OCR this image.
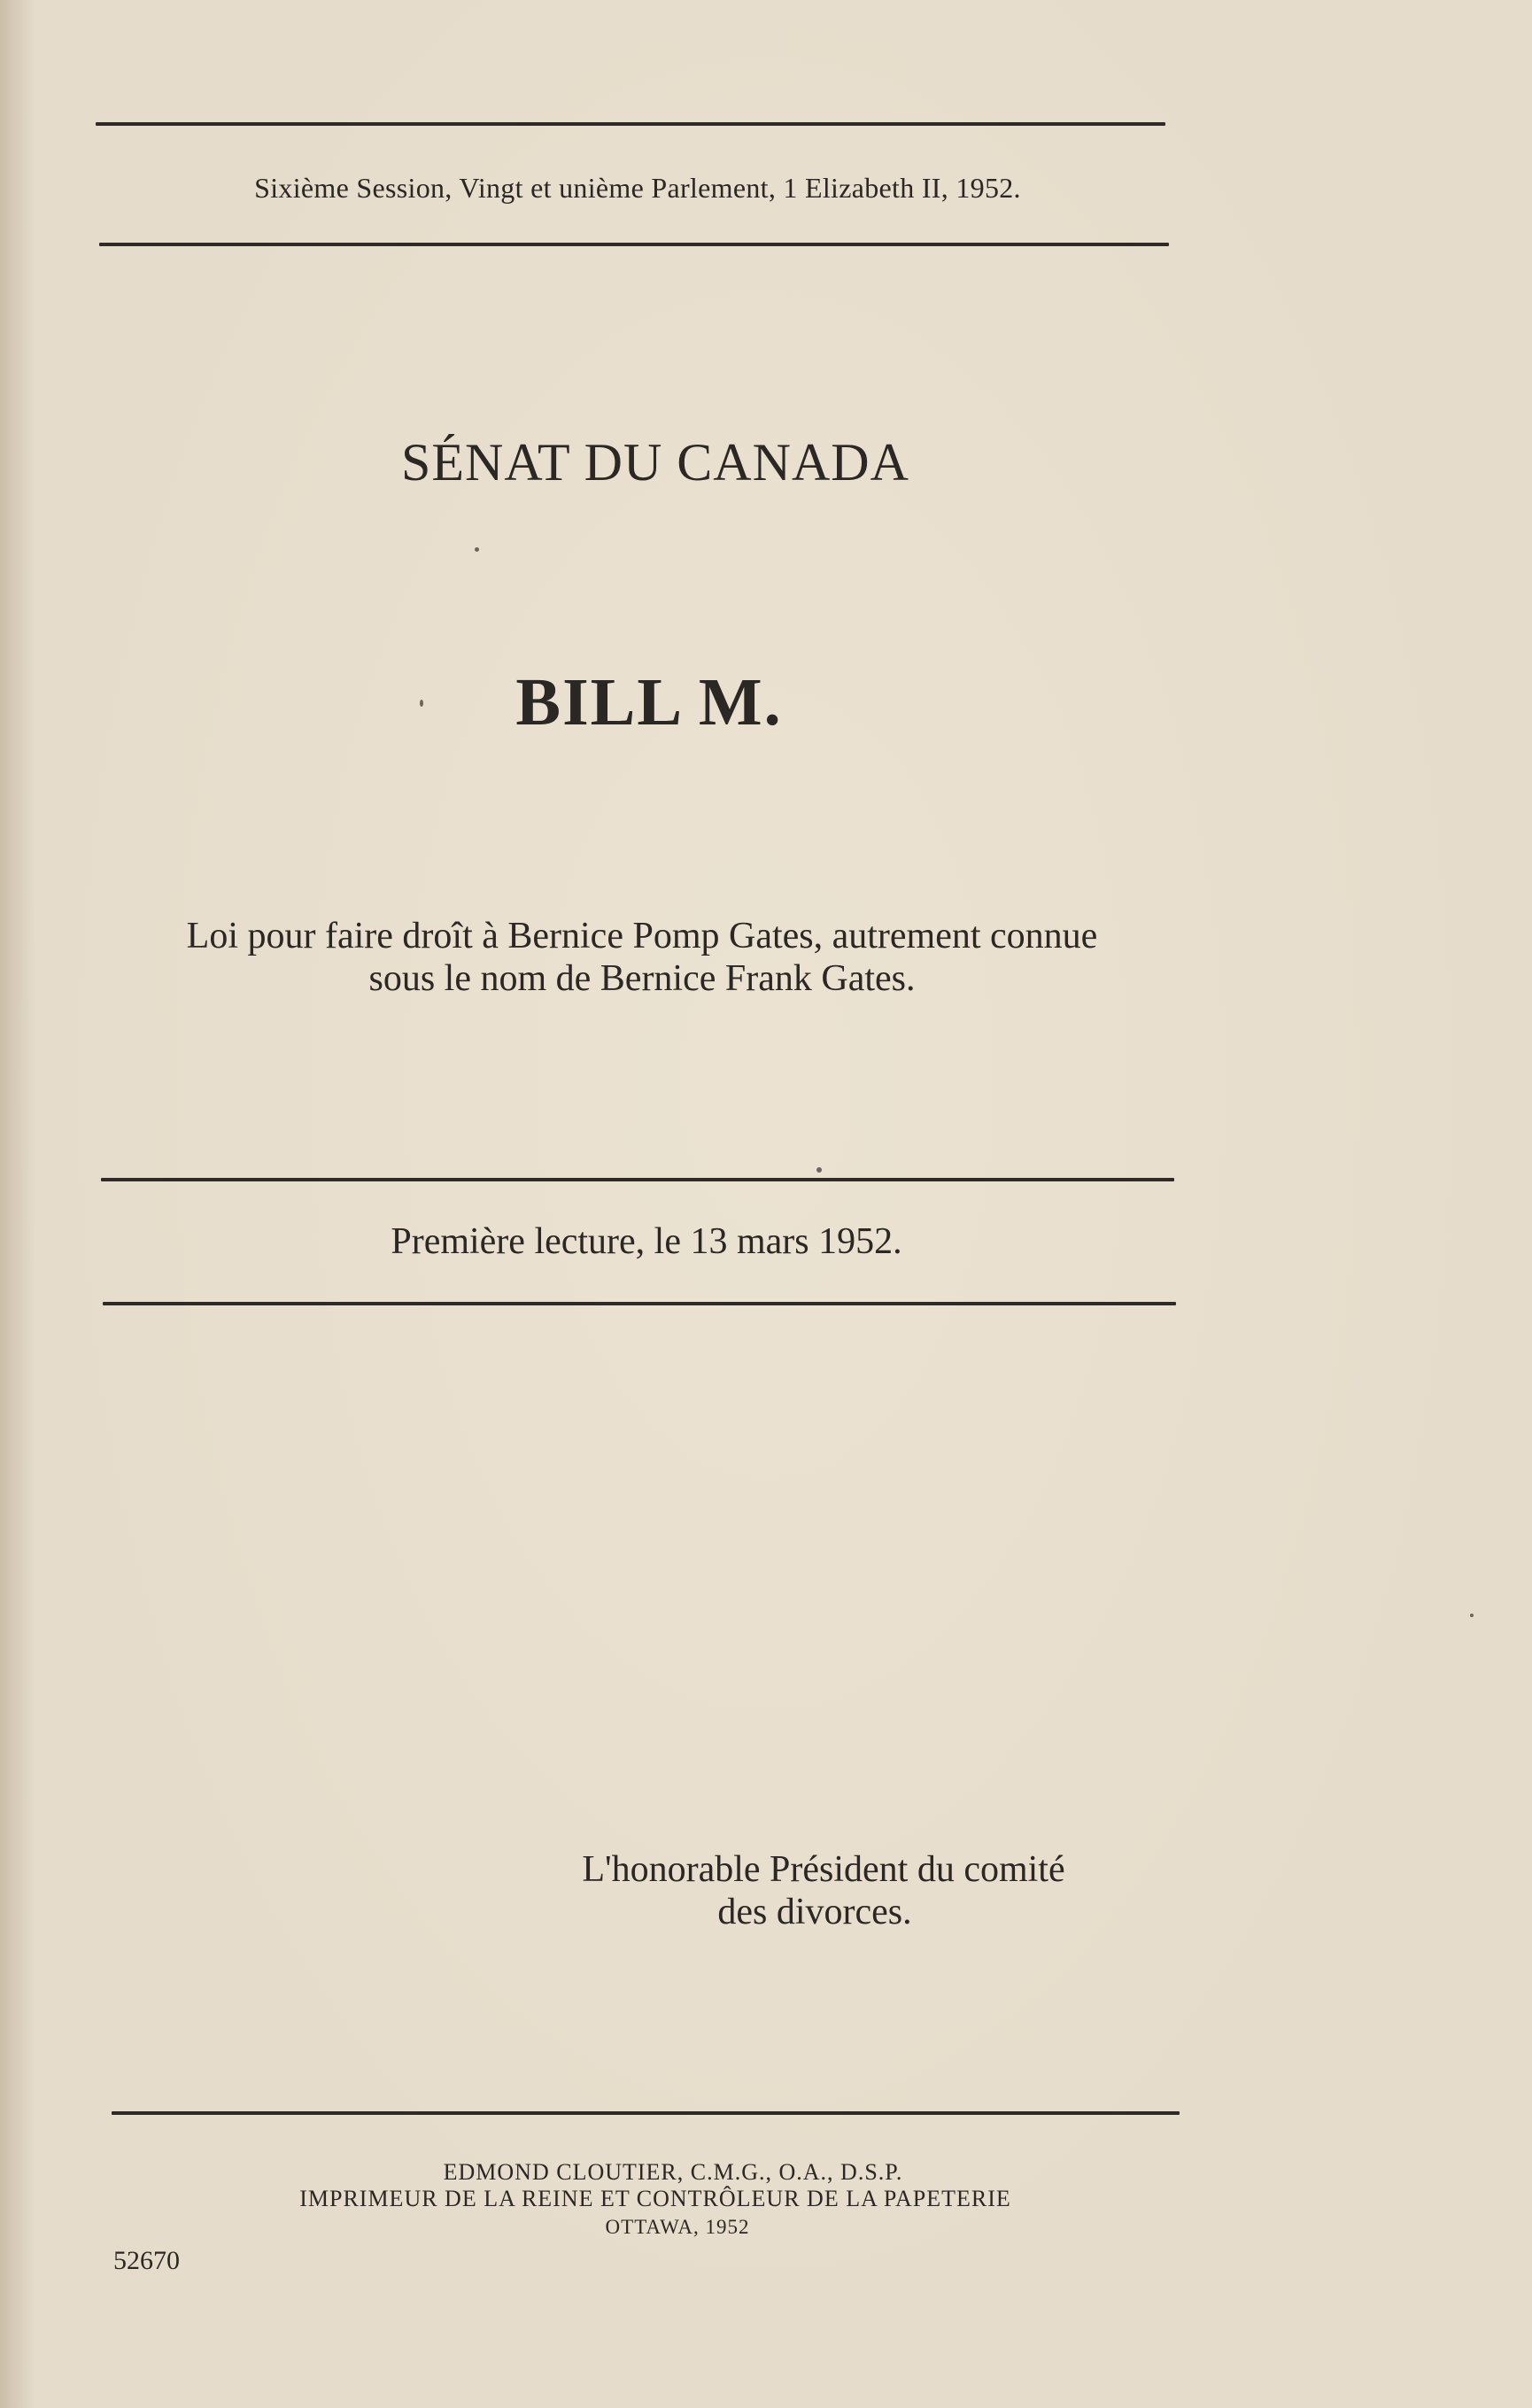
Sixième Session, Vingt et unième Parlement, 1 Elizabeth II, 1952.
SÉNAT DU CANADA
BILL M.
Loi pour faire droît à Bernice Pomp Gates, autrement connue
sous le nom de Bernice Frank Gates.
Première lecture, le 13 mars 1952.
L'honorable Président du comité
des divorces.
EDMOND CLOUTIER, C.M.G., O.A., D.S.P.
IMPRIMEUR DE LA REINE ET CONTRÔLEUR DE LA PAPETERIE
OTTAWA, 1952
52670
